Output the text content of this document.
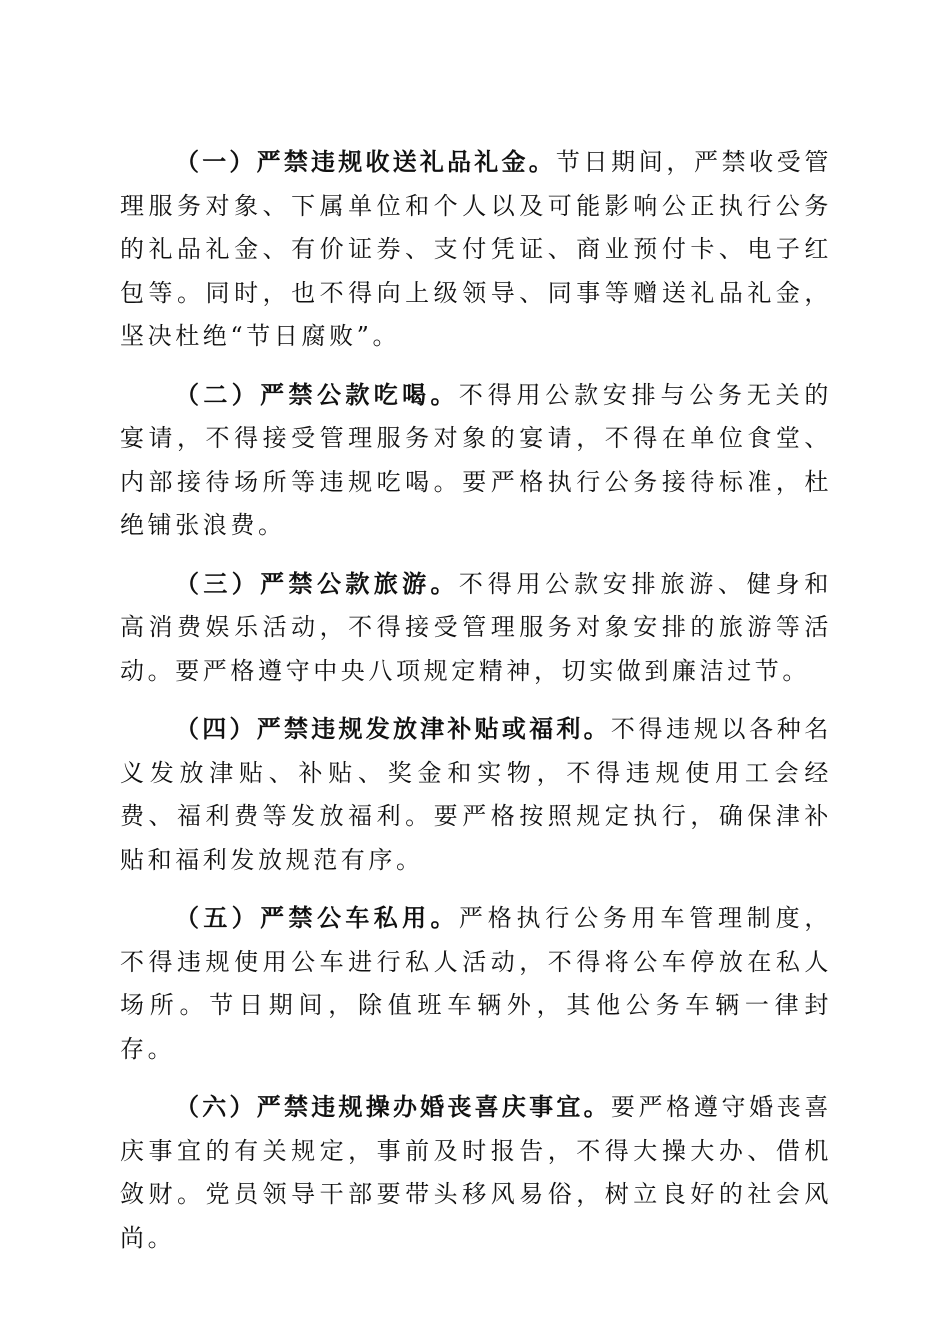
（一）严禁违规收送礼品礼金。节日期间，严禁收受管理服务对象、下属单位和个人以及可能影响公正执行公务的礼品礼金、有价证券、支付凭证、商业预付卡、电子红包等。同时，也不得向上级领导、同事等赠送礼品礼金，坚决杜绝“节日腐败”。

（二）严禁公款吃喝。不得用公款安排与公务无关的宴请，不得接受管理服务对象的宴请，不得在单位食堂、内部接待场所等违规吃喝。要严格执行公务接待标准，杜绝铺张浪费。

（三）严禁公款旅游。不得用公款安排旅游、健身和高消费娱乐活动，不得接受管理服务对象安排的旅游等活动。要严格遵守中央八项规定精神，切实做到廉洁过节。

（四）严禁违规发放津补贴或福利。不得违规以各种名义发放津贴、补贴、奖金和实物，不得违规使用工会经费、福利费等发放福利。要严格按照规定执行，确保津补贴和福利发放规范有序。

（五）严禁公车私用。严格执行公务用车管理制度，不得违规使用公车进行私人活动，不得将公车停放在私人场所。节日期间，除值班车辆外，其他公务车辆一律封存。

（六）严禁违规操办婚丧喜庆事宜。要严格遵守婚丧喜庆事宜的有关规定，事前及时报告，不得大操大办、借机敛财。党员领导干部要带头移风易俗，树立良好的社会风尚。
